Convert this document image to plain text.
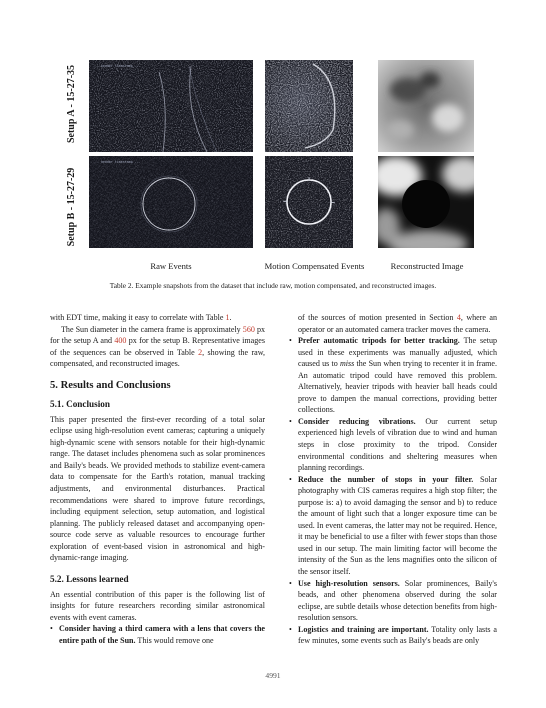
Setup A - 15-27-35
Setup B - 15-27-29
... header timestamp ...
... header timestamp ...
Raw Events	Motion Compensated Events	Reconstructed Image
Table 2. Example snapshots from the dataset that include raw, motion compensated, and reconstructed images.

with EDT time, making it easy to correlate with Table 1.

The Sun diameter in the camera frame is approximately 560 px for the setup A and 400 px for the setup B. Representative images of the sequences can be observed in Table 2, showing the raw, compensated, and reconstructed images.

5. Results and Conclusions
5.1. Conclusion

This paper presented the first-ever recording of a total solar eclipse using high-resolution event cameras; capturing a uniquely high-dynamic scene with sensors notable for their high-dynamic range. The dataset includes phenomena such as solar prominences and Baily's beads. We provided methods to stabilize event-camera data to compensate for the Earth's rotation, manual tracking adjustments, and environmental disturbances. Practical recommendations were shared to improve future recordings, including equipment selection, setup automation, and logistical planning. The publicly released dataset and accompanying open-source code serve as valuable resources to encourage further exploration of event-based vision in astronomical and high-dynamic-range imaging.

5.2. Lessons learned

An essential contribution of this paper is the following list of insights for future researchers recording similar astronomical events with event cameras.

• Consider having a third camera with a lens that covers the entire path of the Sun. This would remove one

of the sources of motion presented in Section 4, where an operator or an automated camera tracker moves the camera.

• Prefer automatic tripods for better tracking. The setup used in these experiments was manually adjusted, which caused us to miss the Sun when trying to recenter it in frame. An automatic tripod could have removed this problem. Alternatively, heavier tripods with heavier ball heads could prove to dampen the manual corrections, providing better collections.
• Consider reducing vibrations. Our current setup experienced high levels of vibration due to wind and human steps in close proximity to the tripod. Consider environmental conditions and sheltering measures when planning recordings.
• Reduce the number of stops in your filter. Solar photography with CIS cameras requires a high stop filter; the purpose is: a) to avoid damaging the sensor and b) to reduce the amount of light such that a longer exposure time can be used. In event cameras, the latter may not be required. Hence, it may be beneficial to use a filter with fewer stops than those used in our setup. The main limiting factor will become the intensity of the Sun as the lens magnifies onto the silicon of the sensor itself.
• Use high-resolution sensors. Solar prominences, Baily's beads, and other phenomena observed during the solar eclipse, are subtle details whose detection benefits from high-resolution sensors.
• Logistics and training are important. Totality only lasts a few minutes, some events such as Baily's beads are only
4991
